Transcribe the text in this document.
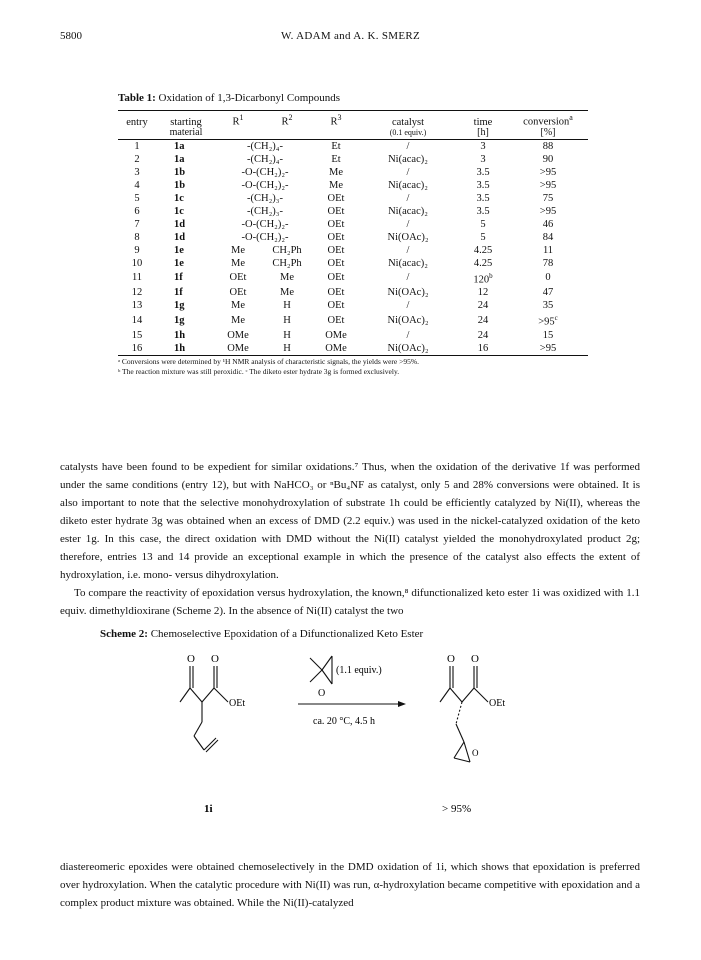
5800	W. ADAM and A. K. SMERZ
Table 1: Oxidation of 1,3-Dicarbonyl Compounds
entry	starting	$R^1$	$R^2$	$R^3$	catalyst	time	conversion$^a$
	material				(0.1 equiv.)	[h]	[%]
1	1a	-(CH₂)₄-		Et	/	3	88
2	1a	-(CH₂)₄-		Et	Ni(acac)₂	3	90
3	1b	-O-(CH₂)₂-		Me	/	3.5	>95
4	1b	-O-(CH₂)₂-		Me	Ni(acac)₂	3.5	>95
5	1c	-(CH₂)₃-		OEt	/	3.5	75
6	1c	-(CH₂)₃-		OEt	Ni(acac)₂	3.5	>95
7	1d	-O-(CH₂)₂-		OEt	/	5	46
8	1d	-O-(CH₂)₂-		OEt	Ni(OAc)₂	5	84
9	1e	Me	CH₂Ph	OEt	/	4.25	11
10	1e	Me	CH₂Ph	OEt	Ni(acac)₂	4.25	78
11	1f	OEt	Me	OEt	/	120$^b$	0
12	1f	OEt	Me	OEt	Ni(OAc)₂	12	47
13	1g	Me	H	OEt	/	24	35
14	1g	Me	H	OEt	Ni(OAc)₂	24	$>95^c$
15	1h	OMe	H	OMe	/	24	15
16	1h	OMe	H	OMe	Ni(OAc)₂	16	>95
ᵃ Conversions were determined by ¹H NMR analysis of characteristic signals, the yields were >95%.
ᵇ The reaction mixture was still peroxidic. ᶜ The diketo ester hydrate 3g is formed exclusively.

catalysts have been found to be expedient for similar oxidations.⁷ Thus, when the oxidation of the derivative 1f was performed under the same conditions (entry 12), but with NaHCO₃ or ⁿBu₄NF as catalyst, only 5 and 28% conversions were obtained. It is also important to note that the selective monohydroxylation of substrate 1h could be efficiently catalyzed by Ni(II), whereas the diketo ester hydrate 3g was obtained when an excess of DMD (2.2 equiv.) was used in the nickel-catalyzed oxidation of the keto ester 1g. In this case, the direct oxidation with DMD without the Ni(II) catalyst yielded the monohydroxylated product 2g; therefore, entries 13 and 14 provide an exceptional example in which the presence of the catalyst also effects the extent of hydroxylation, i.e. mono- versus dihydroxylation.

To compare the reactivity of epoxidation versus hydroxylation, the known,⁸ difunctionalized keto ester 1i was oxidized with 1.1 equiv. dimethyldioxirane (Scheme 2). In the absence of Ni(II) catalyst the two

Scheme 2: Chemoselective Epoxidation of a Difunctionalized Keto Ester
O O
OEt
1i
(1.1 equiv.)
O
ca. 20 °C, 4.5 h
O O
OEt
O
> 95%

diastereomeric epoxides were obtained chemoselectively in the DMD oxidation of 1i, which shows that epoxidation is preferred over hydroxylation. When the catalytic procedure with Ni(II) was run, α-hydroxylation became competitive with epoxidation and a complex product mixture was obtained. While the Ni(II)-catalyzed
